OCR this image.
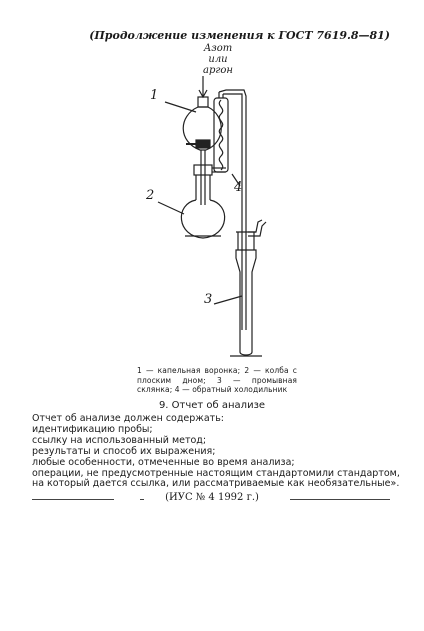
(Продолжение изменения к ГОСТ 7619.8—81)
Азот
или
аргон
1
2
3
4

1 — капельная воронка; 2 — колба с плоским дном; 3 — промывная склянка; 4 — обратный холодильник

9. Отчет об анализе
Отчет об анализе должен содержать:
идентификацию пробы;
ссылку на использованный метод;
результаты и способ их выражения;
любые особенности, отмеченные во время анализа;
операции, не предусмотренные настоящим стандартом или стандартом,
на который дается ссылка, или рассматриваемые как необязательные».
(ИУС № 4 1992 г.)
